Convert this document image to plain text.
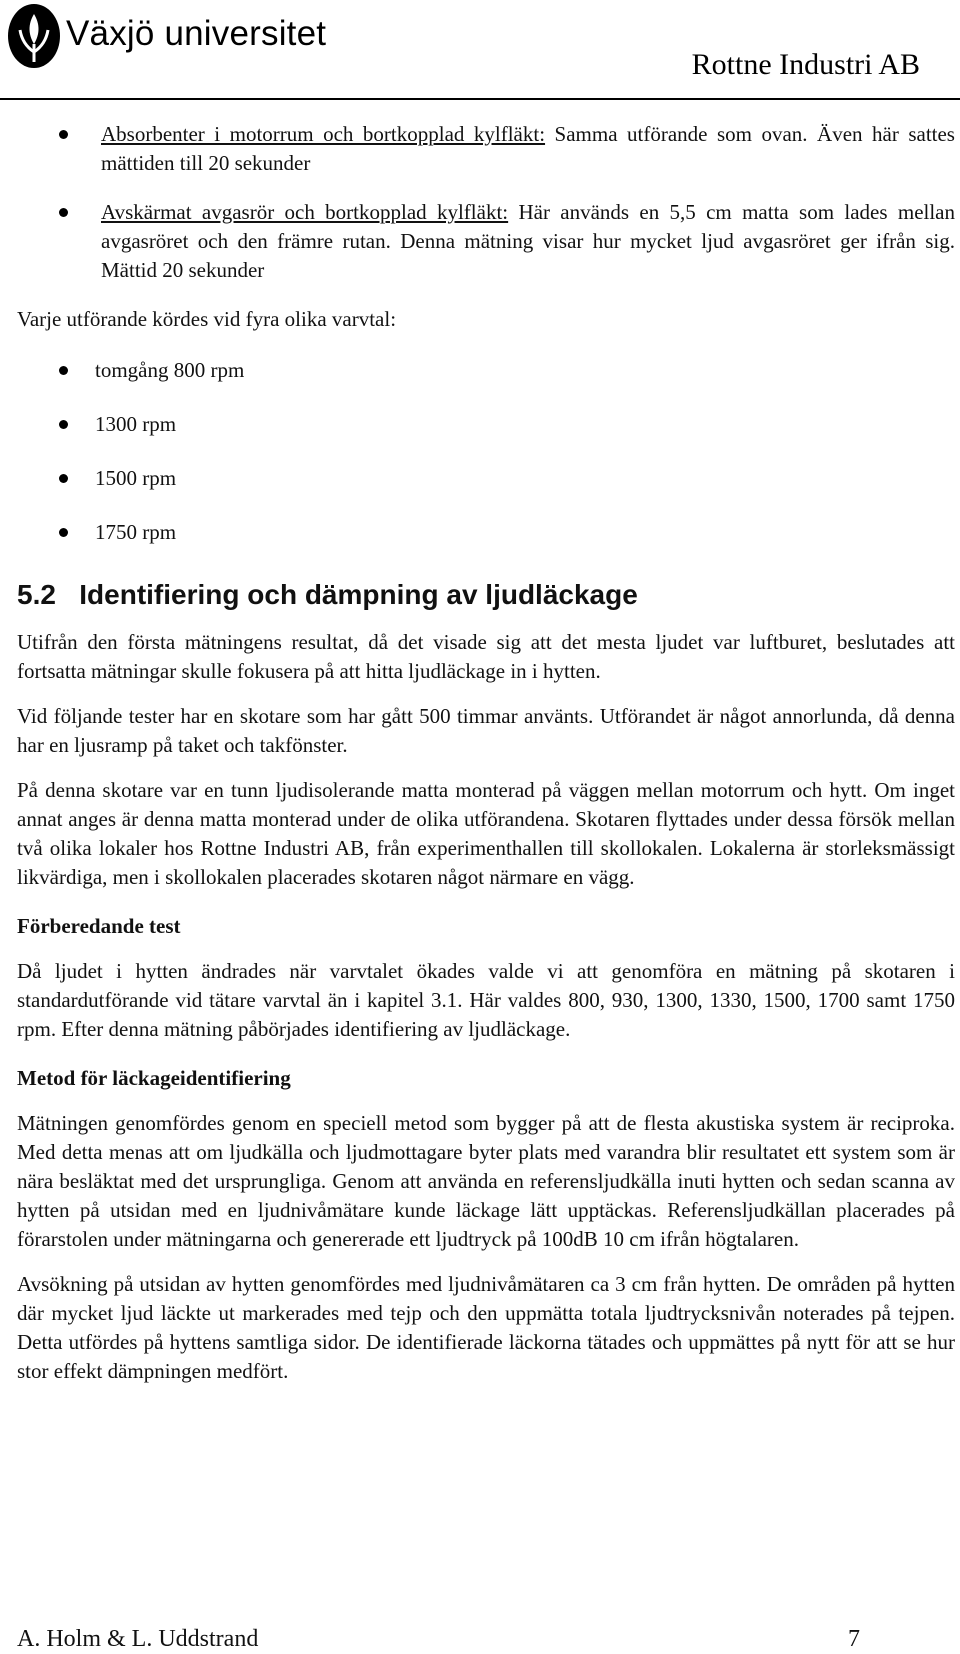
Växjö universitet
Rottne Industri AB
Absorbenter i motorrum och bortkopplad kylfläkt: Samma utförande som ovan. Även här sattes mättiden till 20 sekunder
Avskärmat avgasrör och bortkopplad kylfläkt: Här används en 5,5 cm matta som lades mellan avgasröret och den främre rutan. Denna mätning visar hur mycket ljud avgasröret ger ifrån sig. Mättid 20 sekunder

Varje utförande kördes vid fyra olika varvtal:

tomgång 800 rpm
1300 rpm
1500 rpm
1750 rpm
5.2   Identifiering och dämpning av ljudläckage

Utifrån den första mätningens resultat, då det visade sig att det mesta ljudet var luftburet, beslutades att fortsatta mätningar skulle fokusera på att hitta ljudläckage in i hytten.

Vid följande tester har en skotare som har gått 500 timmar använts. Utförandet är något annorlunda, då denna har en ljusramp på taket och takfönster.

På denna skotare var en tunn ljudisolerande matta monterad på väggen mellan motorrum och hytt. Om inget annat anges är denna matta monterad under de olika utförandena. Skotaren flyttades under dessa försök mellan två olika lokaler hos Rottne Industri AB, från experimenthallen till skollokalen. Lokalerna är storleksmässigt likvärdiga, men i skollokalen placerades skotaren något närmare en vägg.

Förberedande test

Då ljudet i hytten ändrades när varvtalet ökades valde vi att genomföra en mätning på skotaren i standardutförande vid tätare varvtal än i kapitel 3.1. Här valdes 800, 930, 1300, 1330, 1500, 1700 samt 1750 rpm. Efter denna mätning påbörjades identifiering av ljudläckage.

Metod för läckageidentifiering

Mätningen genomfördes genom en speciell metod som bygger på att de flesta akustiska system är reciproka. Med detta menas att om ljudkälla och ljudmottagare byter plats med varandra blir resultatet ett system som är nära besläktat med det ursprungliga. Genom att använda en referensljudkälla inuti hytten och sedan scanna av hytten på utsidan med en ljudnivåmätare kunde läckage lätt upptäckas. Referensljudkällan placerades på förarstolen under mätningarna och genererade ett ljudtryck på 100dB 10 cm ifrån högtalaren.

Avsökning på utsidan av hytten genomfördes med ljudnivåmätaren ca 3 cm från hytten. De områden på hytten där mycket ljud läckte ut markerades med tejp och den uppmätta totala ljudtrycksnivån noterades på tejpen. Detta utfördes på hyttens samtliga sidor. De identifierade läckorna tätades och uppmättes på nytt för att se hur stor effekt dämpningen medfört.

A. Holm & L. Uddstrand	7
